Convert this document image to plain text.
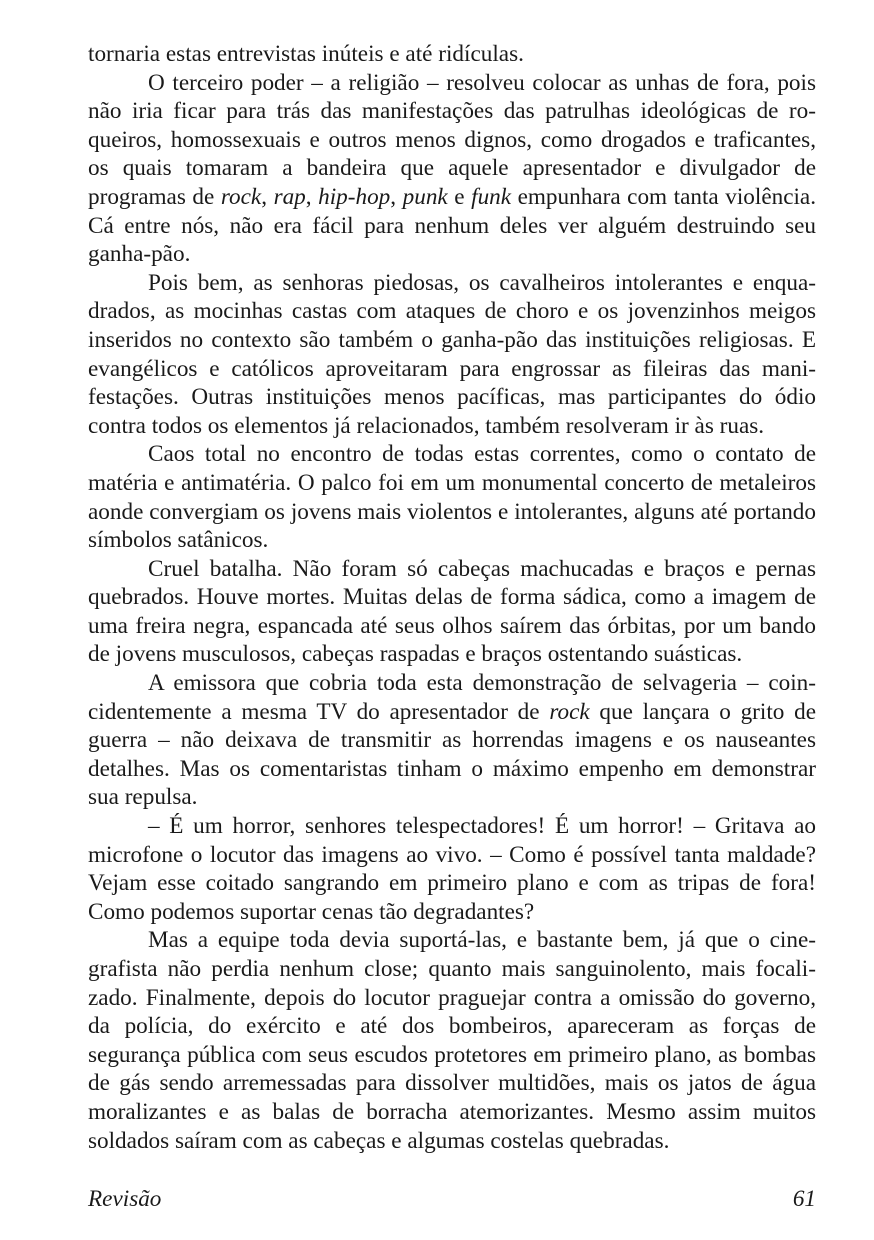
tornaria estas entrevistas inúteis e até ridículas.

O terceiro poder – a religião – resolveu colocar as unhas de fora, pois não iria ficar para trás das manifestações das patrulhas ideológicas de roqueiros, homossexuais e outros menos dignos, como drogados e traficantes, os quais tomaram a bandeira que aquele apresentador e divulgador de programas de rock, rap, hip-hop, punk e funk empunhara com tanta violência. Cá entre nós, não era fácil para nenhum deles ver alguém destruindo seu ganha-pão.

Pois bem, as senhoras piedosas, os cavalheiros intolerantes e enquadrados, as mocinhas castas com ataques de choro e os jovenzinhos meigos inseridos no contexto são também o ganha-pão das instituições religiosas. E evangélicos e católicos aproveitaram para engrossar as fileiras das manifestações. Outras instituições menos pacíficas, mas participantes do ódio contra todos os elementos já relacionados, também resolveram ir às ruas.

Caos total no encontro de todas estas correntes, como o contato de matéria e antimatéria. O palco foi em um monumental concerto de metaleiros aonde convergiam os jovens mais violentos e intolerantes, alguns até portando símbolos satânicos.

Cruel batalha. Não foram só cabeças machucadas e braços e pernas quebrados. Houve mortes. Muitas delas de forma sádica, como a imagem de uma freira negra, espancada até seus olhos saírem das órbitas, por um bando de jovens musculosos, cabeças raspadas e braços ostentando suásticas.

A emissora que cobria toda esta demonstração de selvageria – coincidentemente a mesma TV do apresentador de rock que lançara o grito de guerra – não deixava de transmitir as horrendas imagens e os nauseantes detalhes. Mas os comentaristas tinham o máximo empenho em demonstrar sua repulsa.

– É um horror, senhores telespectadores! É um horror! – Gritava ao microfone o locutor das imagens ao vivo. – Como é possível tanta maldade? Vejam esse coitado sangrando em primeiro plano e com as tripas de fora! Como podemos suportar cenas tão degradantes?

Mas a equipe toda devia suportá-las, e bastante bem, já que o cinegrafista não perdia nenhum close; quanto mais sanguinolento, mais focalizado. Finalmente, depois do locutor praguejar contra a omissão do governo, da polícia, do exército e até dos bombeiros, apareceram as forças de segurança pública com seus escudos protetores em primeiro plano, as bombas de gás sendo arremessadas para dissolver multidões, mais os jatos de água moralizantes e as balas de borracha atemorizantes. Mesmo assim muitos soldados saíram com as cabeças e algumas costelas quebradas.

Revisão	61
